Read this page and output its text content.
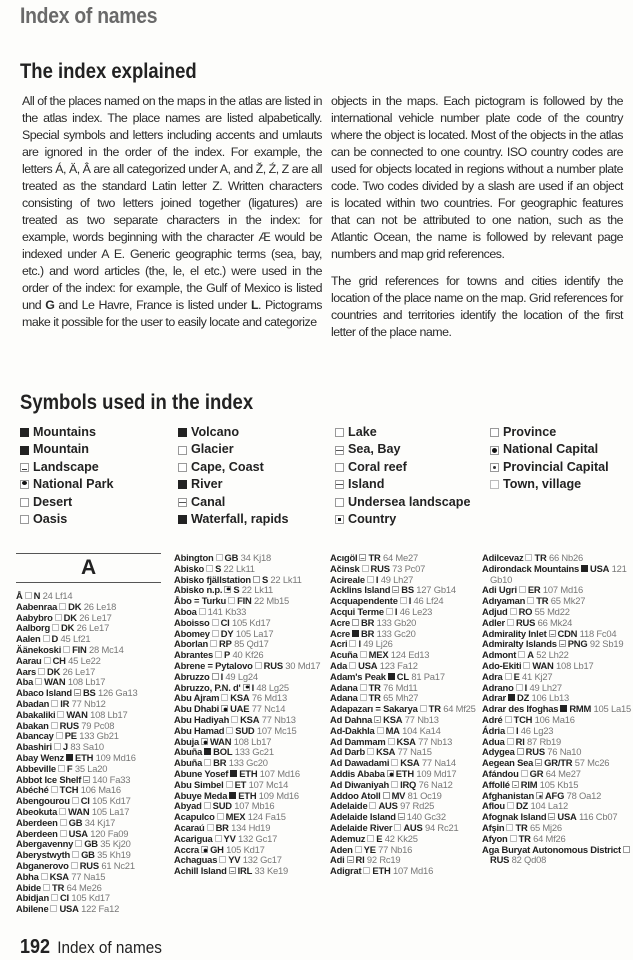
Index of names
The index explained

All of the places named on the maps in the atlas are listed in the atlas index. The place names are listed alpabetically. Special symbols and letters including accents and umlauts are ignored in the order of the index. For example, the letters Á, Ä, Â are all categorized under A, and Ž, Ź, Z are all treated as the standard Latin letter Z. Written characters consisting of two letters joined together (ligatures) are treated as two separate characters in the index: for example, words beginning with the character Æ would be indexed under A E. Generic geographic terms (sea, bay, etc.) and word articles (the, le, el etc.) were used in the order of the index: for example, the Gulf of Mexico is listed und G and Le Havre, France is listed under L. Pictograms make it possible for the user to easily locate and categorize

objects in the maps. Each pictogram is followed by the international vehicle number plate code of the country where the object is located. Most of the objects in the atlas can be connected to one country. ISO country codes are used for objects located in regions without a number plate code. Two codes divided by a slash are used if an object is located within two countries. For geographic features that can not be attributed to one nation, such as the Atlantic Ocean, the name is followed by relevant page numbers and map grid references.

The grid references for towns and cities identify the location of the place name on the map. Grid references for countries and territories identify the location of the first letter of the place name.

Symbols used in the index
Mountains
Mountain
Landscape
National Park
Desert
Oasis
Volcano
Glacier
Cape, Coast
River
Canal
Waterfall, rapids
Lake
Sea, Bay
Coral reef
Island
Undersea landscape
Country
Province
National Capital
Provincial Capital
Town, village
A
Å N 24 Lf14
Aabenraa DK 26 Le18
Aabybro DK 26 Le17
Aalborg DK 26 Le17
Aalen D 45 Lf21
Äänekoski FIN 28 Mc14
Aarau CH 45 Le22
Aars DK 26 Le17
Aba WAN 108 Lb17
Abaco Island BS 126 Ga13
Abadan IR 77 Nb12
Abakaliki WAN 108 Lb17
Abakan RUS 79 Pc08
Abancay PE 133 Gb21
Abashiri J 83 Sa10
Abay Wenz ETH 109 Md16
Abbeville F 35 La20
Abbot Ice Shelf 140 Fa33
Abéché TCH 106 Ma16
Abengourou CI 105 Kd17
Abeokuta WAN 105 La17
Aberdeen GB 34 Kj17
Aberdeen USA 120 Fa09
Abergavenny GB 35 Kj20
Aberystwyth GB 35 Kh19
Abganerovo RUS 61 Nc21
Abha KSA 77 Na15
Abide TR 64 Me26
Abidjan CI 105 Kd17
Abilene USA 122 Fa12
Abington GB 34 Kj18
Abisko S 22 Lk11
Abisko fjällstation S 22 Lk11
Abisko n.p. S 22 Lk11
Åbo = Turku FIN 22 Mb15
Aboa 141 Kb33
Aboisso CI 105 Kd17
Abomey DY 105 La17
Aborlan RP 85 Qd17
Abrantes P 40 Kf26
Abrene = Pytalovo RUS 30 Md17
Abruzzo I 49 Lg24
Abruzzo, P.N. d' I 48 Lg25
Abu Ajram KSA 76 Md13
Abu Dhabi UAE 77 Nc14
Abu Hadiyah KSA 77 Nb13
Abu Hamad SUD 107 Mc15
Abuja WAN 108 Lb17
Abuña BOL 133 Gc21
Abuña BR 133 Gc20
Abune Yosef ETH 107 Md16
Abu Simbel ET 107 Mc14
Abuye Meda ETH 109 Md16
Abyad SUD 107 Mb16
Acapulco MEX 124 Fa15
Acaraú BR 134 Hd19
Acarigua YV 132 Gc17
Accra GH 105 Kd17
Achaguas YV 132 Gc17
Achill Island IRL 33 Ke19
Acıgöl TR 64 Me27
Ačinsk RUS 73 Pc07
Acireale I 49 Lh27
Acklins Island BS 127 Gb14
Acquapendente I 46 Lf24
Acqui Terme I 46 Le23
Acre BR 133 Gb20
Acre BR 133 Gc20
Acri I 49 Lj26
Acuña MEX 124 Ed13
Ada USA 123 Fa12
Adam's Peak CL 81 Pa17
Adana TR 76 Md11
Adana TR 65 Mh27
Adapazarı = Sakarya TR 64 Mf25
Ad Dahna KSA 77 Nb13
Ad-Dakhla MA 104 Ka14
Ad Dammam KSA 77 Nb13
Ad Darb KSA 77 Na15
Ad Dawadami KSA 77 Na14
Addis Ababa ETH 109 Md17
Ad Diwaniyah IRQ 76 Na12
Addoo Atoll MV 81 Oc19
Adelaide AUS 97 Rd25
Adelaide Island 140 Gc32
Adelaide River AUS 94 Rc21
Ademuz E 42 Kk25
Aden YE 77 Nb16
Adi RI 92 Rc19
Adigrat ETH 107 Md16
Adilcevaz TR 66 Nb26
Adirondack Mountains USA 121 Gb10
Adi Ugri ER 107 Md16
Adıyaman TR 65 Mk27
Adjud RO 55 Md22
Adler RUS 66 Mk24
Admirality Inlet CDN 118 Fc04
Admiralty Islands PNG 92 Sb19
Admont A 52 Lh22
Ado-Ekiti WAN 108 Lb17
Adra E 41 Kj27
Adrano I 49 Lh27
Adrar DZ 106 Lb13
Adrar des Ifoghas RMM 105 La15
Adré TCH 106 Ma16
Ádria I 46 Lg23
Adua RI 87 Rb19
Adygea RUS 76 Na10
Aegean Sea GR/TR 57 Mc26
Afándou GR 64 Me27
Affollé RIM 105 Kb15
Afghanistan AFG 78 Oa12
Aflou DZ 104 La12
Afognak Island USA 116 Cb07
Afşin TR 65 Mj26
Afyon TR 64 Mf26
Aga Buryat Autonomous DistrictRUS 82 Qd08
192 Index of names
